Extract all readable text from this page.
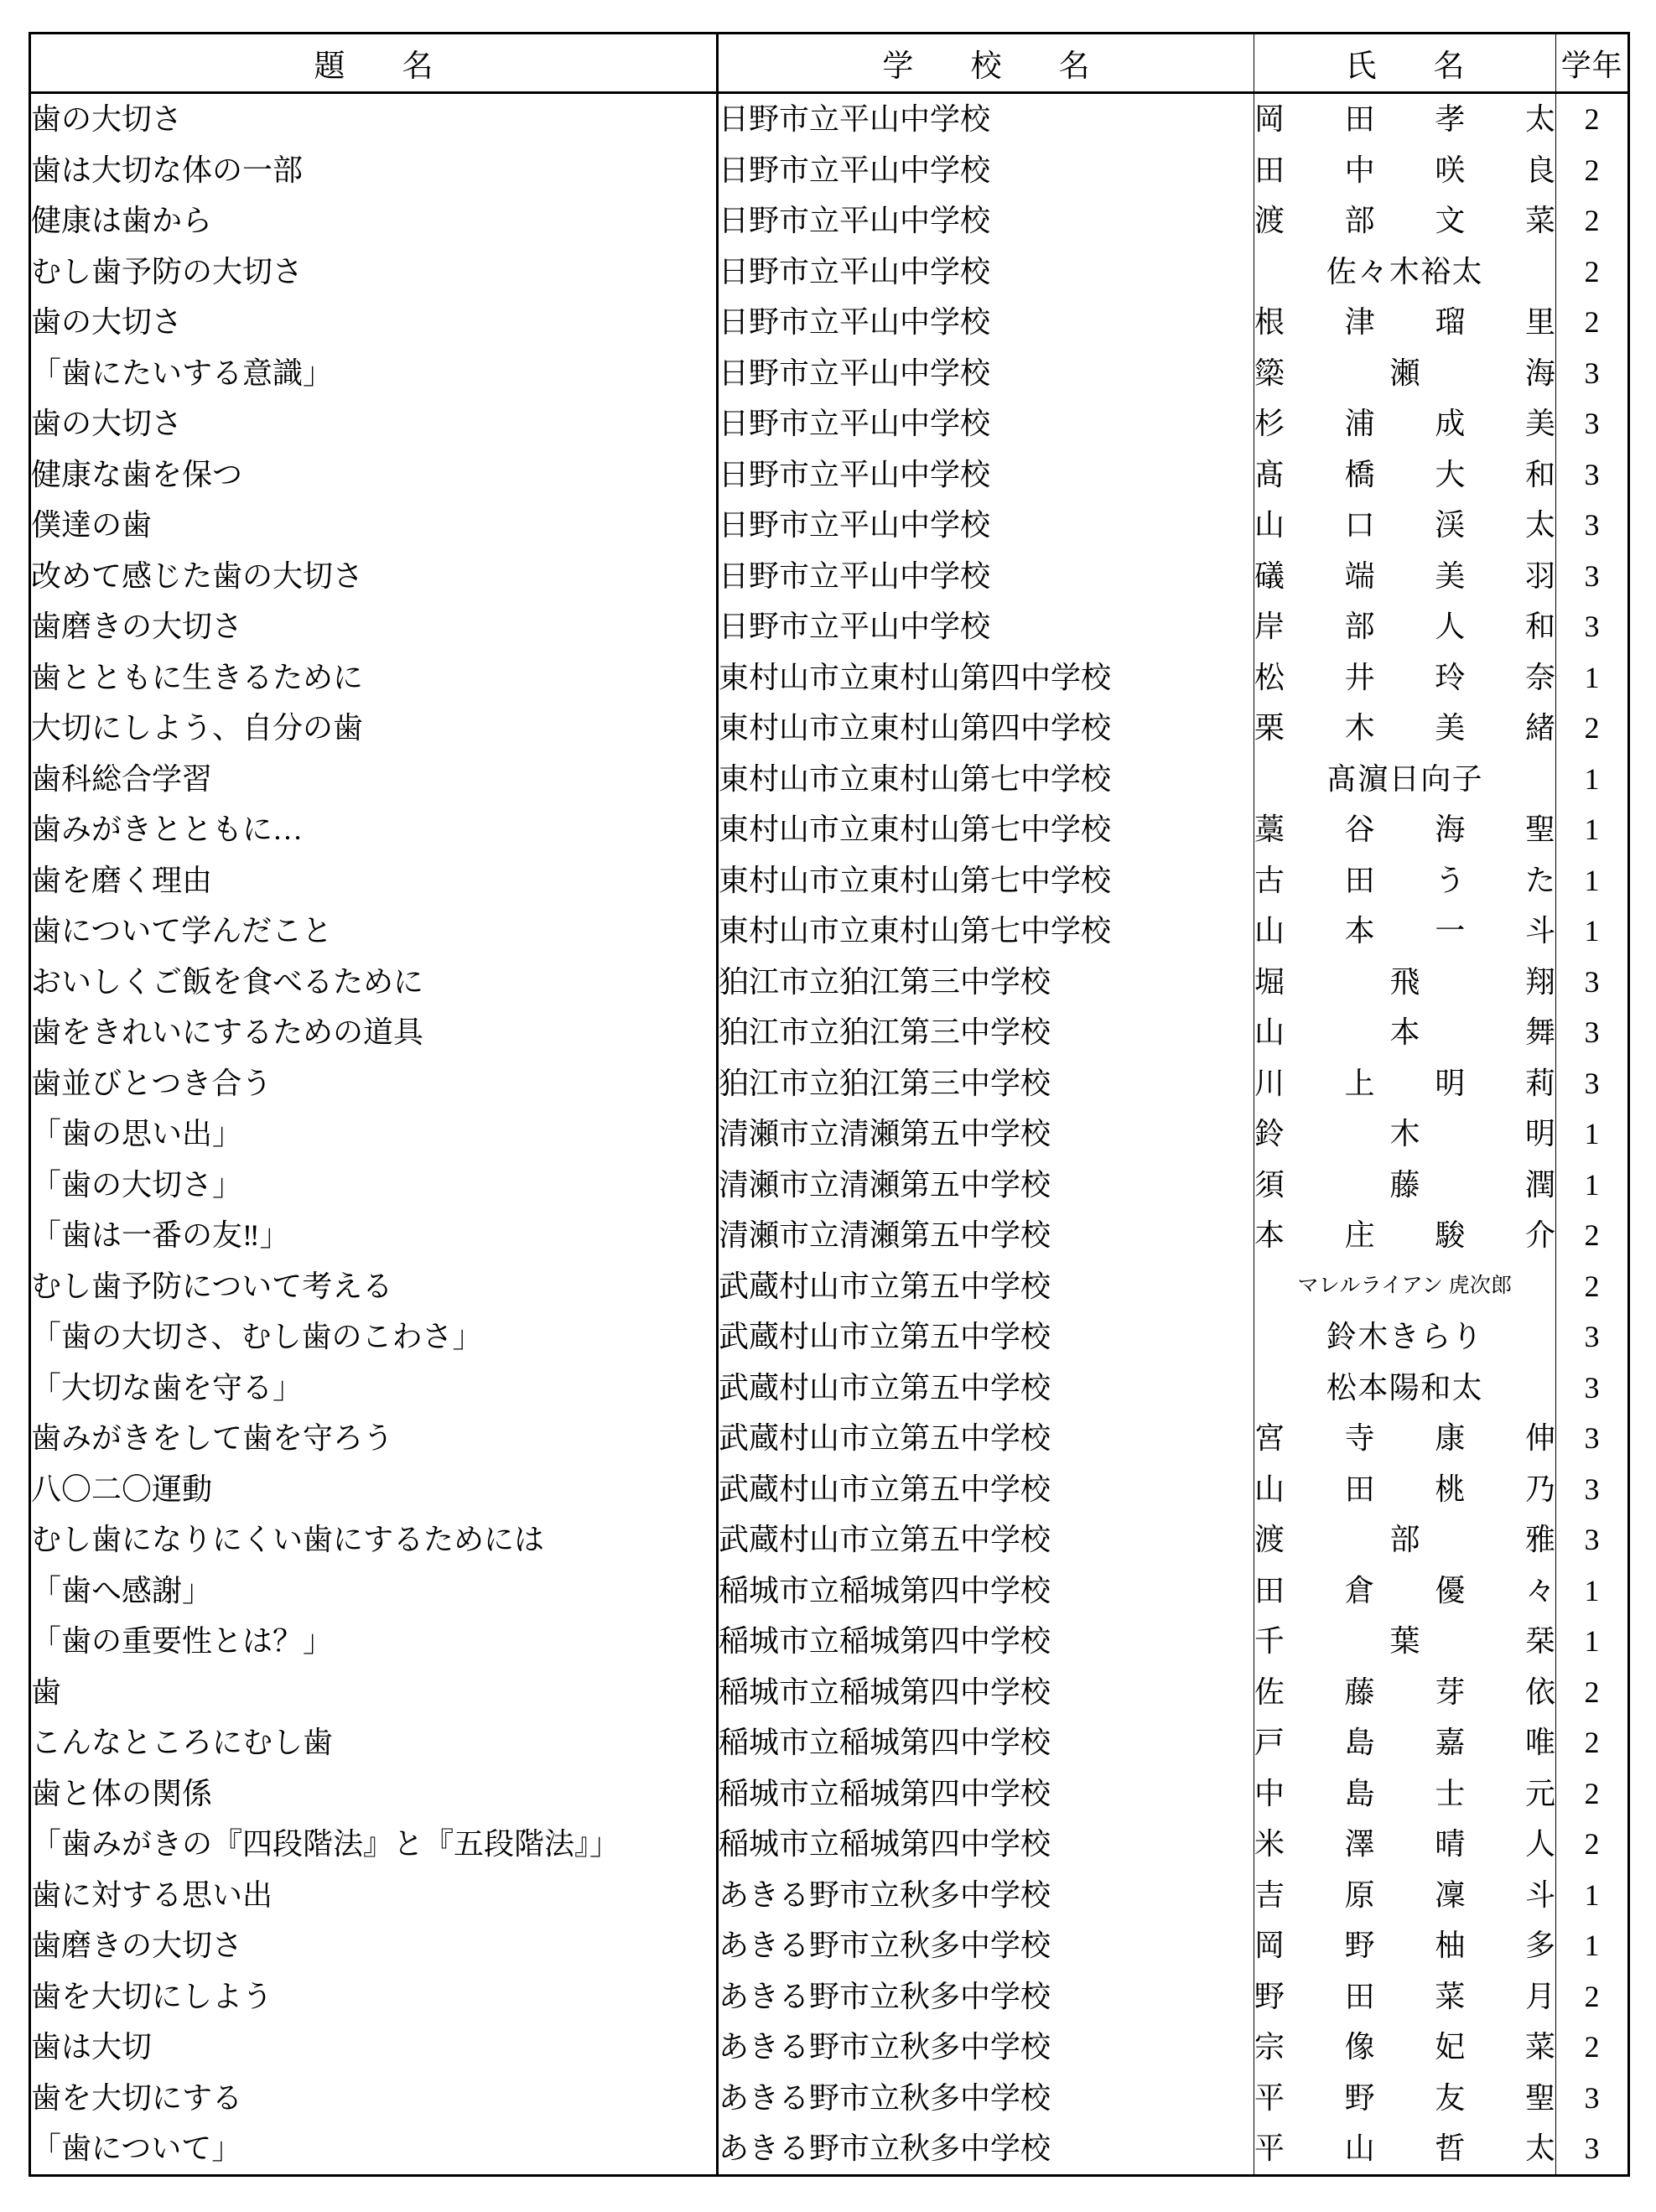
題　名	学　校　名	氏　名	学年
歯の大切さ	日野市立平山中学校	岡 田 孝 太	2
歯は大切な体の一部	日野市立平山中学校	田 中 咲 良	2
健康は歯から	日野市立平山中学校	渡 部 文 菜	2
むし歯予防の大切さ	日野市立平山中学校	佐 々 木 裕 太	2
歯の大切さ	日野市立平山中学校	根 津 瑠 里	2
「歯にたいする意識」	日野市立平山中学校	簗 瀬 海	3
歯の大切さ	日野市立平山中学校	杉 浦 成 美	3
健康な歯を保つ	日野市立平山中学校	髙 橋 大 和	3
僕達の歯	日野市立平山中学校	山 口 渓 太	3
改めて感じた歯の大切さ	日野市立平山中学校	礒 端 美 羽	3
歯磨きの大切さ	日野市立平山中学校	岸 部 人 和	3
歯とともに生きるために	東村山市立東村山第四中学校	松 井 玲 奈	1
大切にしよう、自分の歯	東村山市立東村山第四中学校	栗 木 美 緒	2
歯科総合学習	東村山市立東村山第七中学校	髙 濵 日 向 子	1
歯みがきとともに…	東村山市立東村山第七中学校	藁 谷 海 聖	1
歯を磨く理由	東村山市立東村山第七中学校	古 田 う た	1
歯について学んだこと	東村山市立東村山第七中学校	山 本 一 斗	1
おいしくご飯を食べるために	狛江市立狛江第三中学校	堀 飛 翔	3
歯をきれいにするための道具	狛江市立狛江第三中学校	山 本 舞	3
歯並びとつき合う	狛江市立狛江第三中学校	川 上 明 莉	3
「歯の思い出」	清瀬市立清瀬第五中学校	鈴 木 明	1
「歯の大切さ」	清瀬市立清瀬第五中学校	須 藤 潤	1
「歯は一番の友‼」	清瀬市立清瀬第五中学校	本 庄 駿 介	2
むし歯予防について考える	武蔵村山市立第五中学校	マレルライアン 虎次郎	2
「歯の大切さ、むし歯のこわさ」	武蔵村山市立第五中学校	鈴 木 き ら り	3
「大切な歯を守る」	武蔵村山市立第五中学校	松 本 陽 和 太	3
歯みがきをして歯を守ろう	武蔵村山市立第五中学校	宮 寺 康 伸	3
八〇二〇運動	武蔵村山市立第五中学校	山 田 桃 乃	3
むし歯になりにくい歯にするためには	武蔵村山市立第五中学校	渡 部 雅	3
「歯へ感謝」	稲城市立稲城第四中学校	田 倉 優 々	1
「歯の重要性とは？」	稲城市立稲城第四中学校	千 葉 栞	1
歯	稲城市立稲城第四中学校	佐 藤 芽 依	2
こんなところにむし歯	稲城市立稲城第四中学校	戸 島 嘉 唯	2
歯と体の関係	稲城市立稲城第四中学校	中 島 士 元	2
「歯みがきの『四段階法』と『五段階法』」	稲城市立稲城第四中学校	米 澤 晴 人	2
歯に対する思い出	あきる野市立秋多中学校	吉 原 凜 斗	1
歯磨きの大切さ	あきる野市立秋多中学校	岡 野 柚 多	1
歯を大切にしよう	あきる野市立秋多中学校	野 田 菜 月	2
歯は大切	あきる野市立秋多中学校	宗 像 妃 菜	2
歯を大切にする	あきる野市立秋多中学校	平 野 友 聖	3
「歯について」	あきる野市立秋多中学校	平 山 哲 太	3
